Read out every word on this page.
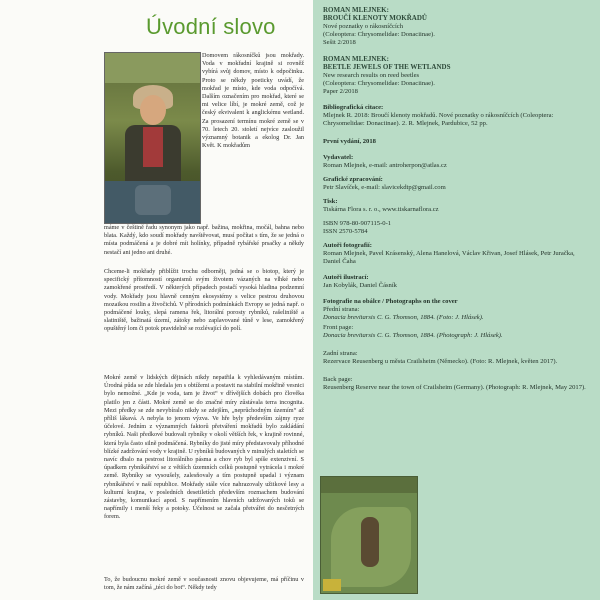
Úvodní slovo
Domovem rákosníčků jsou mokřady. Voda v mokřadní krajině si rovněž vybírá svůj domov, místo k odpočinku. Proto se někdy poeticky uvádí, že mokřad je místo, kde voda odpočívá. Dalším označením pro mokřad, které se mi velice líbí, je mokré země, což je český ekvivalent k anglickému wetland. Za prosazení termínu mokré země se v 70. letech 20. století nejvíce zasloužil významný botanik a ekolog Dr. Jan Květ. K mokřadům
máme v češtině řadu synonym jako např. bažina, mokřina, močál, bahna nebo blata. Každý, kdo soudí mokřady navštěvovat, musí počítat s tím, že se jedná o místa podmáčená a je dobré mít holínky, případně rybářské prsačky a někdy nestačí ani jedno ani druhé.
Chceme-li mokřady přiblížit trochu odborněji, jedná se o biotop, který je specifický přítomností organismů svým životem vázaných na vlhké nebo zamokřené prostředí. V některých případech postačí vysoká hladina podzemní vody. Mokřady jsou hlavně cenným ekosystémy s velice pestrou druhovou mozaikou rostlin a živočichů. V přírodních podmínkách Evropy se jedná např. o podmáčené louky, slepá ramena řek, litorální porosty rybníků, rašeliniště a slatiniště, bažinatá území, zátoky nebo zaplavované tůně v lese, zamokřený opuštěný lom či potok pravidelně se rozlévající do polí.
Mokré země v lidských dějinách nikdy nepatřila k vyhledávaným místům. Úrodná půda se zde hledala jen s obtížemi a postavit na stabilní mokřině vesnici bylo nemožné. „Kde je voda, tam je život“ v dřívějších dobách pro člověka platilo jen z části. Mokré země se do značné míry zůstávala terra incognita. Mezi předky se zde nevybíralo nikdy se zdejším, „neprůchodným územím“ až příliš lákavá. A nebyla to jenom výzva. Ve hře byly především zájmy ryze účelové. Jedním z významných faktorů přetváření mokřadů bylo zakládání rybníků. Naši předkové budovali rybníky v okolí větších řek, v krajině rovinné, která byla často silně podmáčená. Rybníky do jisté míry představovaly příhodné blízké zadržování vody v krajině. U rybníků budovaných v minulých staletích se navíc dbalo na pestrost litorálního pásma a chov ryb byl spíše extenzivní. S úpadkem rybníkářství se z větších územních celků postupně vytrácela i mokré země. Rybníky se vysoušely, zalesňovaly a tím postupně upadal i význam rybníkářství v naší republice. Mokřady stále více nahrazovaly užitkové lesy a kulturní krajina, v posledních desetiletích především rozmachem budování zástavby, komunikací apod. S napřímením hlavních udržovaných toků se napřímily i menší řeky a potoky. Účelnost se začala přetvářet do nesčetných forem.
To, že budoucnu mokré země v současnosti znovu objevujeme, má příčinu v tom, že nám začíná „téci do bot“. Někdy tedy
ROMAN MLEJNEK:
BROUČÍ KLENOTY MOKŘADŮ
Nové poznatky o rákosníčcích
(Coleoptera: Chrysomelidae: Donaciinae).
Sešit 2/2018
ROMAN MLEJNEK:
BEETLE JEWELS OF THE WETLANDS
New research results on reed beetles
(Coleoptera: Chrysomelidae: Donaciinae).
Paper 2/2018
Bibliografická citace:
Mlejnek R. 2018: Broučí klenoty mokřadů. Nové poznatky o rákosníčcích (Coleoptera: Chrysomelidae: Donaciinae). 2. R. Mlejnek, Pardubice, 52 pp.
První vydání, 2018
Vydavatel:
Roman Mlejnek, e-mail: antroherpon@atlas.cz
Grafické zpracování:
Petr Slavíček, e-mail: slavicekdtp@gmail.com
Tisk:
Tiskárna Flora s. r. o., www.tiskarnaflora.cz
ISBN 978-80-907115-0-1
ISSN 2570-5784
Autoři fotografií:
Roman Mlejnek, Pavel Krásenský, Alena Hanelová, Václav Křivan, Josef Hlásek, Petr Juračka, Daniel Čaha
Autoři ilustrací:
Jan Kobylák, Daniel Čásník
Fotografie na obálce / Photographs on the cover
Přední strana:
Donacia brevitarsis C. G. Thomson, 1884. (Foto: J. Hlásek).
Front page:
Donacia brevitarsis C. G. Thomson, 1884. (Photograph: J. Hlásek).
Zadní strana:
Rezervace Reusenberg u města Crailsheim (Německo). (Foto: R. Mlejnek, květen 2017).
Back page:
Reusenberg Reserve near the town of Crailsheim (Germany). (Photograph: R. Mlejnek, May 2017).
